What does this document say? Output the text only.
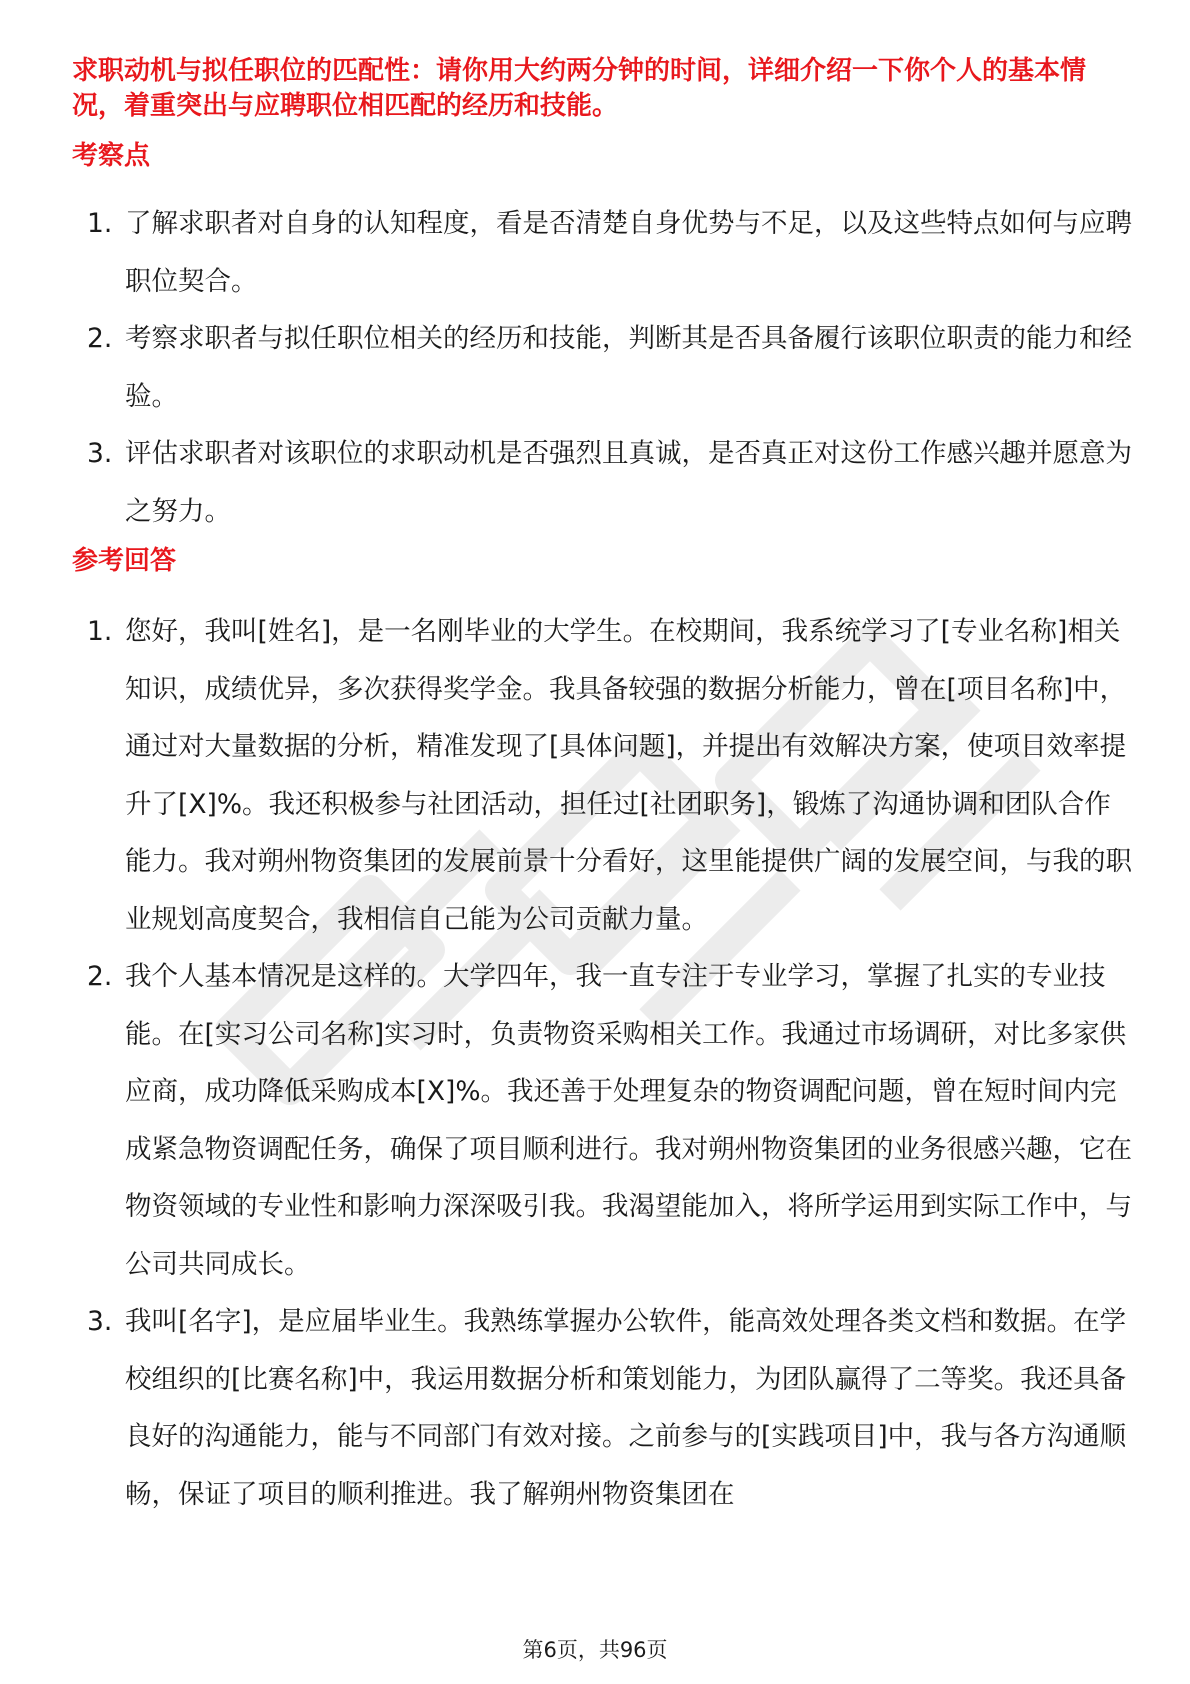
求职动机与拟任职位的匹配性：请你用大约两分钟的时间，详细介绍一下你个人的基本情况，着重突出与应聘职位相匹配的经历和技能。
考察点
1. 了解求职者对自身的认知程度，看是否清楚自身优势与不足，以及这些特点如何与应聘职位契合。
2. 考察求职者与拟任职位相关的经历和技能，判断其是否具备履行该职位职责的能力和经验。
3. 评估求职者对该职位的求职动机是否强烈且真诚，是否真正对这份工作感兴趣并愿意为之努力。
参考回答
1. 您好，我叫[姓名]，是一名刚毕业的大学生。在校期间，我系统学习了[专业名称]相关知识，成绩优异，多次获得奖学金。我具备较强的数据分析能力，曾在[项目名称]中，通过对大量数据的分析，精准发现了[具体问题]，并提出有效解决方案，使项目效率提升了[X]%。我还积极参与社团活动，担任过[社团职务]，锻炼了沟通协调和团队合作能力。我对朔州物资集团的发展前景十分看好，这里能提供广阔的发展空间，与我的职业规划高度契合，我相信自己能为公司贡献力量。
2. 我个人基本情况是这样的。大学四年，我一直专注于专业学习，掌握了扎实的专业技能。在[实习公司名称]实习时，负责物资采购相关工作。我通过市场调研，对比多家供应商，成功降低采购成本[X]%。我还善于处理复杂的物资调配问题，曾在短时间内完成紧急物资调配任务，确保了项目顺利进行。我对朔州物资集团的业务很感兴趣，它在物资领域的专业性和影响力深深吸引我。我渴望能加入，将所学运用到实际工作中，与公司共同成长。
3. 我叫[名字]，是应届毕业生。我熟练掌握办公软件，能高效处理各类文档和数据。在学校组织的[比赛名称]中，我运用数据分析和策划能力，为团队赢得了二等奖。我还具备良好的沟通能力，能与不同部门有效对接。之前参与的[实践项目]中，我与各方沟通顺畅，保证了项目的顺利推进。我了解朔州物资集团在
第6页，共96页
